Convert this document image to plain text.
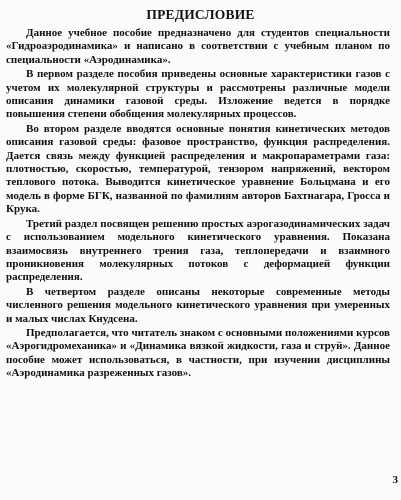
ПРЕДИСЛОВИЕ

Данное учебное пособие предназначено для студентов специальности «Гидроаэродинамика» и написано в соответствии с учебным планом по специальности «Аэродинамика».

В первом разделе пособия приведены основные характеристики газов с учетом их молекулярной структуры и рассмотрены различные модели описания динамики газовой среды. Изложение ведется в порядке повышения степени обобщения молекулярных процессов.

Во втором разделе вводятся основные понятия кинетических методов описания газовой среды: фазовое пространство, функция распределения. Дается связь между функцией распределения и макропараметрами газа: плотностью, скоростью, температурой, тензором напряжений, вектором теплового потока. Выводится кинетическое уравнение Больцмана и его модель в форме БГК, названной по фамилиям авторов Бахтнагара, Гросса и Крука.

Третий раздел посвящен решению простых аэрогазодинамических задач с использованием модельного кинетического уравнения. Показана взаимосвязь внутреннего трения газа, теплопередачи и взаимного проникновения молекулярных потоков с деформацией функции распределения.

В четвертом разделе описаны некоторые современные методы численного решения модельного кинетического уравнения при умеренных и малых числах Кнудсена.

Предполагается, что читатель знаком с основными положениями курсов «Аэрогидромеханика» и «Динамика вязкой жидкости, газа и струй». Данное пособие может использоваться, в частности, при изучении дисциплины «Аэродинамика разреженных газов».

3
